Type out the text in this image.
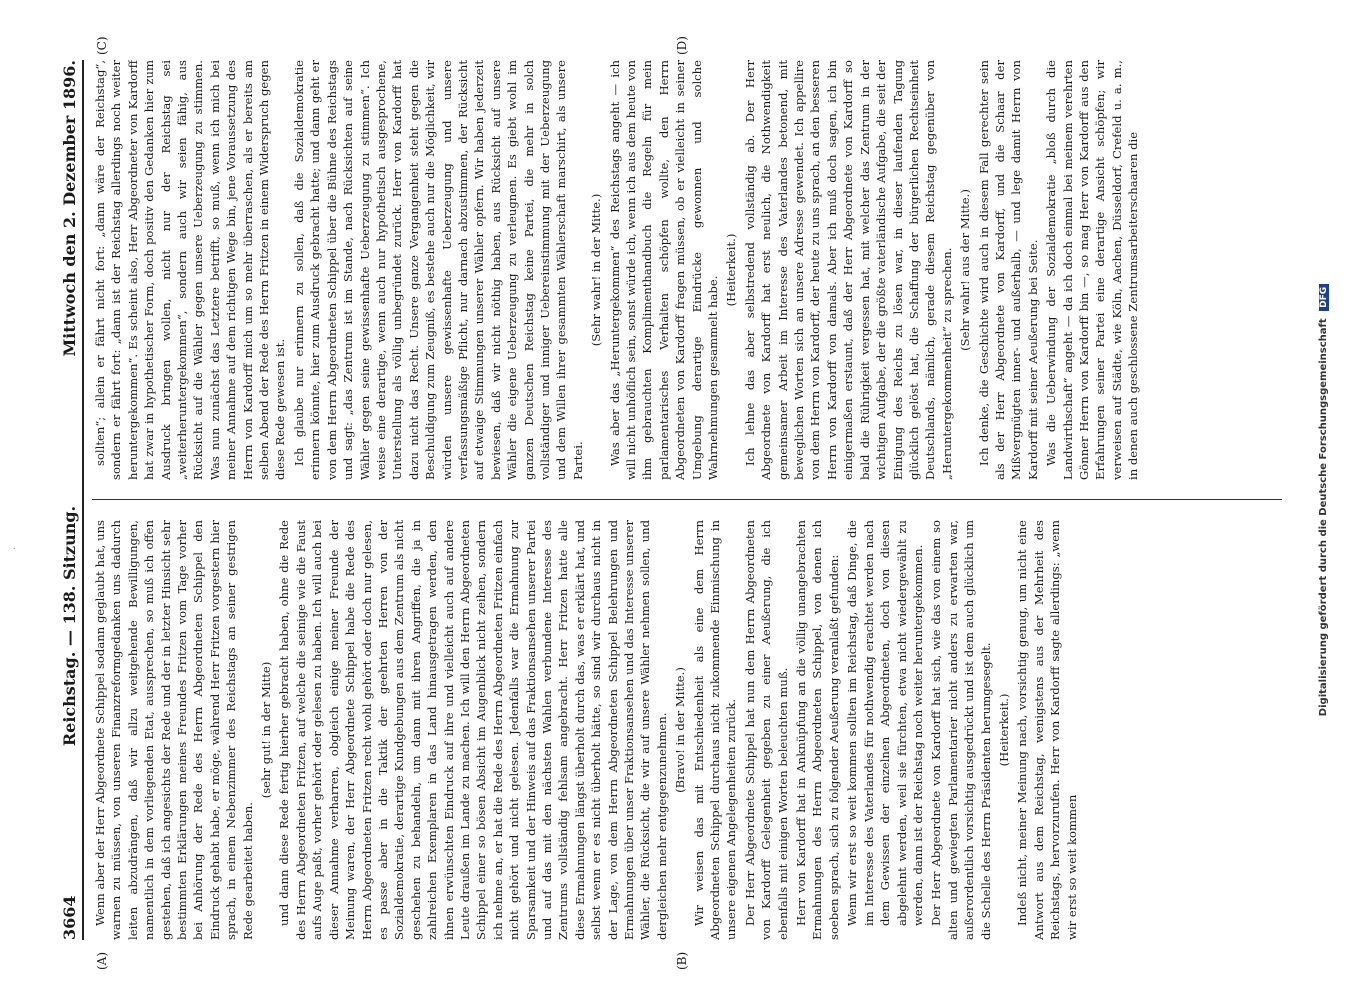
·
3664
Reichstag. — 138. Sitzung.
Mittwoch den 2. Dezember 1896.
(A)	(B)
(C)	(D)

Wenn aber der Herr Abgeordnete Schippel sodann geglaubt hat, uns warnen zu müssen, von unseren Finanzreformgedanken uns dadurch leiten abzudrängen, daß wir allzu weitgehende Bewilligungen, namentlich in dem vorliegenden Etat, aussprechen, so muß ich offen gestehen, daß ich angesichts der Rede und der in letzter Hinsicht sehr bestimmten Erklärungen meines Freundes Fritzen vom Tage vorher bei Anhörung der Rede des Herrn Abgeordneten Schippel den Eindruck gehabt habe, er möge, während Herr Fritzen vorgestern hier sprach, in einem Nebenzimmer des Reichstags an seiner gestrigen Rede gearbeitet haben.

(sehr gut! in der Mitte) und dann diese Rede fertig hierher gebracht haben, ohne die Rede des Herrn Abgeordneten Fritzen, auf welche die seinige wie die Faust aufs Auge paßt, vorher gehört oder gelesen zu haben. Ich will auch bei dieser Annahme verharren, obgleich einige meiner Freunde der Meinung waren, der Herr Abgeordnete Schippel habe die Rede des Herrn Abgeordneten Fritzen recht wohl gehört oder doch nur gelesen, es passe aber in die Taktik der geehrten Herren von der Sozialdemokratie, derartige Kundgebungen aus dem Zentrum als nicht geschehen zu behandeln, um dann mit ihren Angriffen, die ja in zahlreichen Exemplaren in das Land hinausgetragen werden, den ihnen erwünschten Eindruck auf ihre und vielleicht auch auf andere Leute draußen im Lande zu machen. Ich will den Herrn Abgeordneten Schippel einer so bösen Absicht im Augenblick nicht zeihen, sondern ich nehme an, er hat die Rede des Herrn Abgeordneten Fritzen einfach nicht gehört und nicht gelesen. Jedenfalls war die Ermahnung zur Sparsamkeit und der Hinweis auf das Fraktionsansehen unserer Partei und auf das mit den nächsten Wahlen verbundene Interesse des Zentrums vollständig fehlsam angebracht. Herr Fritzen hatte alle diese Ermahnungen längst überholt durch das, was er erklärt hat, und selbst wenn er es nicht überholt hätte, so sind wir durchaus nicht in der Lage, von dem Herrn Abgeordneten Schippel Belehrungen und Ermahnungen über unser Fraktionsansehen und das Interesse unserer Wähler, die Rücksicht, die wir auf unsere Wähler nehmen sollen, und dergleichen mehr entgegenzunehmen. (Bravo! in der Mitte.) Wir weisen das mit Entschiedenheit als eine dem Herrn Abgeordneten Schippel durchaus nicht zukommende Einmischung in unsere eigenen Angelegenheiten zurück. Der Herr Abgeordnete Schippel hat nun dem Herrn Abgeordneten von Kardorff Gelegenheit gegeben zu einer Aeußerung, die ich ebenfalls mit einigen Worten beleuchten muß. Herr von Kardorff hat in Anknüpfung an die völlig unangebrachten Ermahnungen des Herrn Abgeordneten Schippel, von denen ich soeben sprach, sich zu folgender Aeußerung veranlaßt gefunden: Wenn wir erst so weit kommen sollten im Reichstag, daß Dinge, die im Interesse des Vaterlandes für nothwendig erachtet werden nach dem Gewissen der einzelnen Abgeordneten, doch von diesen abgelehnt werden, weil sie fürchten, etwa nicht wiedergewählt zu werden, dann ist der Reichstag noch weiter heruntergekommen. Der Herr Abgeordnete von Kardorff hat sich, wie das von einem so alten und gewiegten Parlamentarier nicht anders zu erwarten war, außerordentlich vorsichtig ausgedrückt und ist dem auch glücklich um die Schelle des Herrn Präsidenten herumgesegelt. (Heiterkeit.) Indeß nicht, meiner Meinung nach, vorsichtig genug, um nicht eine Antwort aus dem Reichstag, wenigstens aus der Mehrheit des Reichstags, hervorzurufen. Herr von Kardorff sagte allerdings: „wenn wir erst so weit kommen

sollten“; allein er fährt nicht fort: „dann wäre der Reichstag“, sondern er fährt fort: „dann ist der Reichstag allerdings noch weiter heruntergekommen“. Es scheint also, Herr Abgeordneter von Kardorff hat zwar in hypothetischer Form, doch positiv den Gedanken hier zum Ausdruck bringen wollen, nicht nur der Reichstag sei „weiterheruntergekommen“, sondern auch wir seien fähig, aus Rücksicht auf die Wähler gegen unsere Ueberzeugung zu stimmen. Was nun zunächst das Letztere betrifft, so muß, wenn ich mich bei meiner Annahme auf dem richtigen Wege bin, jene Voraussetzung des Herrn von Kardorff mich um so mehr überraschen, als er bereits am selben Abend der Rede des Herrn Fritzen in einem Widerspruch gegen diese Rede gewesen ist. Ich glaube nur erinnern zu sollen, daß die Sozialdemokratie erinnern könnte, hier zum Ausdruck gebracht hatte; und dann geht er von dem Herrn Abgeordneten Schippel über die Bühne des Reichstags und sagt: „das Zentrum ist im Stande, nach Rücksichten auf seine Wähler gegen seine gewissenhafte Ueberzeugung zu stimmen“. Ich weise eine derartige, wenn auch nur hypothetisch ausgesprochene, Unterstellung als völlig unbegründet zurück. Herr von Kardorff hat dazu nicht das Recht. Unsere ganze Vergangenheit steht gegen die Beschuldigung zum Zeugniß, es bestehe auch nur die Möglichkeit, wir würden unsere gewissenhafte Ueberzeugung und unsere verfassungsmäßige Pflicht, nur darnach abzustimmen, der Rücksicht auf etwaige Stimmungen unserer Wähler opfern. Wir haben jederzeit bewiesen, daß wir nicht nöthig haben, aus Rücksicht auf unsere Wähler die eigene Ueberzeugung zu verleugnen. Es giebt wohl im ganzen Deutschen Reichstag keine Partei, die mehr in solch vollständiger und inniger Uebereinstimmung mit der Ueberzeugung und dem Willen ihrer gesammten Wählerschaft marschirt, als unsere Partei.

(Sehr wahr! in der Mitte.) Was aber das „Heruntergekommen“ des Reichstags angeht — ich will nicht unhöflich sein, sonst würde ich, wenn ich aus dem heute von ihm gebrauchten Komplimenthandbuch die Regeln für mein parlamentarisches Verhalten schöpfen wollte, den Herrn Abgeordneten von Kardorff fragen müssen, ob er vielleicht in seiner Umgebung derartige Eindrücke gewonnen und solche Wahrnehmungen gesammelt habe.

(Heiterkeit.) Ich lehne das aber selbstredend vollständig ab. Der Herr Abgeordnete von Kardorff hat erst neulich, die Nothwendigkeit gemeinsamer Arbeit im Interesse des Vaterlandes betonend, mit beweglichen Worten sich an unsere Adresse gewendet. Ich appellire von dem Herrn von Kardorff, der heute zu uns sprach, an den besseren Herrn von Kardorff von damals. Aber ich muß doch sagen, ich bin einigermaßen erstaunt, daß der Herr Abgeordnete von Kardorff so bald die Rührigkeit vergessen hat, mit welcher das Zentrum in der wichtigen Aufgabe, der die größte vaterländische Aufgabe, die seit der Einigung des Reichs zu lösen war, in dieser laufenden Tagung glücklich gelöst hat, die Schaffung der bürgerlichen Rechtseinheit Deutschlands, nämlich, gerade diesem Reichstag gegenüber von „Heruntergekommenheit“ zu sprechen. (Sehr wahr! aus der Mitte.) Ich denke, die Geschichte wird auch in diesem Fall gerechter sein als der Herr Abgeordnete von Kardorff, und die Schaar der Mißvergnügten inner- und außerhalb, — und lege damit Herrn von Kardorff mit seiner Aeußerung bei Seite. Was die Ueberwindung der Sozialdemokratie „bloß durch die Landwirthschaft“ angeht — da ich doch einmal bei meinem verehrten Gönner Herrn von Kardorff bin —, so mag Herr von Kardorff aus den Erfahrungen seiner Partei eine derartige Ansicht schöpfen; wir verweisen auf Städte, wie Köln, Aachen, Düsseldorf, Crefeld u. a. m., in denen auch geschlossene Zentrumsarbeiterschaaren die

Digitalisierung gefördert durch die Deutsche Forschungsgemeinschaft DFG
